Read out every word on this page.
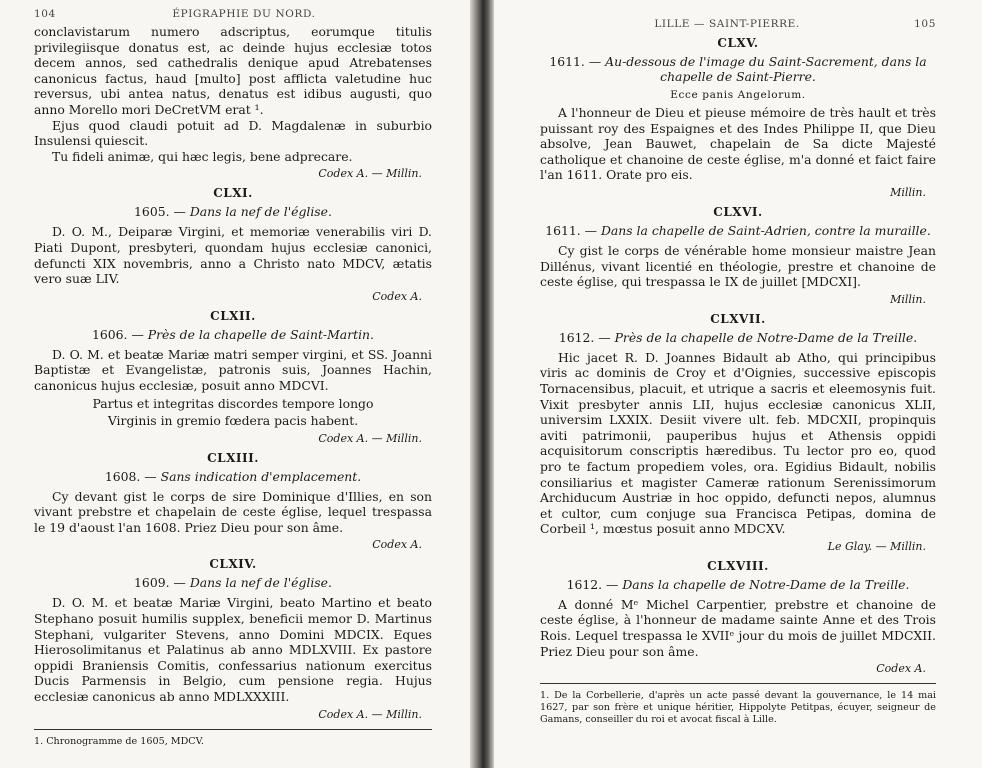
104	ÉPIGRAPHIE DU NORD.

conclavistarum numero adscriptus, eorumque titulis privilegiisque donatus est, ac deinde hujus ecclesiæ totos decem annos, sed cathedralis denique apud Atrebatenses canonicus factus, haud [multo] post afflicta valetudine huc reversus, ubi antea natus, denatus est idibus augusti, quo anno Morello mori DeCretVM erat ¹.

Ejus quod claudi potuit ad D. Magdalenæ in suburbio Insulensi quiescit.

Tu fideli animæ, qui hæc legis, bene adprecare.

Codex A. — Millin.
CLXI.
1605. — Dans la nef de l'église.

D. O. M., Deiparæ Virgini, et memoriæ venerabilis viri D. Piati Dupont, presbyteri, quondam hujus ecclesiæ canonici, defuncti XIX novembris, anno a Christo nato MDCV, ætatis vero suæ LIV.

Codex A.
CLXII.
1606. — Près de la chapelle de Saint-Martin.

D. O. M. et beatæ Mariæ matri semper virgini, et SS. Joanni Baptistæ et Evangelistæ, patronis suis, Joannes Hachin, canonicus hujus ecclesiæ, posuit anno MDCVI.

Partus et integritas discordes tempore longo
Virginis in gremio fœdera pacis habent.
Codex A. — Millin.
CLXIII.
1608. — Sans indication d'emplacement.

Cy devant gist le corps de sire Dominique d'Illies, en son vivant prebstre et chapelain de ceste église, lequel trespassa le 19 d'aoust l'an 1608. Priez Dieu pour son âme.

Codex A.
CLXIV.
1609. — Dans la nef de l'église.

D. O. M. et beatæ Mariæ Virgini, beato Martino et beato Stephano posuit humilis supplex, beneficii memor D. Martinus Stephani, vulgariter Stevens, anno Domini MDCIX. Eques Hierosolimitanus et Palatinus ab anno MDLXVIII. Ex pastore oppidi Braniensis Comitis, confessarius nationum exercitus Ducis Parmensis in Belgio, cum pensione regia. Hujus ecclesiæ canonicus ab anno MDLXXXIII.

Codex A. — Millin.
1. Chronogramme de 1605, MDCV.
LILLE — SAINT-PIERRE.	105
CLXV.
1611. — Au-dessous de l'image du Saint-Sacrement, dans la chapelle de Saint-Pierre.
Ecce panis Angelorum.

A l'honneur de Dieu et pieuse mémoire de très hault et très puissant roy des Espaignes et des Indes Philippe II, que Dieu absolve, Jean Bauwet, chapelain de Sa dicte Majesté catholique et chanoine de ceste église, m'a donné et faict faire l'an 1611. Orate pro eis.

Millin.
CLXVI.
1611. — Dans la chapelle de Saint-Adrien, contre la muraille.

Cy gist le corps de vénérable home monsieur maistre Jean Dillénus, vivant licentié en théologie, prestre et chanoine de ceste église, qui trespassa le IX de juillet [MDCXI].

Millin.
CLXVII.
1612. — Près de la chapelle de Notre-Dame de la Treille.

Hic jacet R. D. Joannes Bidault ab Atho, qui principibus viris ac dominis de Croy et d'Oignies, successive episcopis Tornacensibus, placuit, et utrique a sacris et eleemosynis fuit. Vixit presbyter annis LII, hujus ecclesiæ canonicus XLII, universim LXXIX. Desiit vivere ult. feb. MDCXII, propinquis aviti patrimonii, pauperibus hujus et Athensis oppidi acquisitorum conscriptis hæredibus. Tu lector pro eo, quod pro te factum propediem voles, ora. Egidius Bidault, nobilis consiliarius et magister Cameræ rationum Serenissimorum Archiducum Austriæ in hoc oppido, defuncti nepos, alumnus et cultor, cum conjuge sua Francisca Petipas, domina de Corbeil ¹, mœstus posuit anno MDCXV.

Le Glay. — Millin.
CLXVIII.
1612. — Dans la chapelle de Notre-Dame de la Treille.

A donné Mᵉ Michel Carpentier, prebstre et chanoine de ceste église, à l'honneur de madame sainte Anne et des Trois Rois. Lequel trespassa le XVIIᵉ jour du mois de juillet MDCXII. Priez Dieu pour son âme.

Codex A.
1. De la Corbellerie, d'après un acte passé devant la gouvernance, le 14 mai 1627, par son frère et unique héritier, Hippolyte Petitpas, écuyer, seigneur de Gamans, conseiller du roi et avocat fiscal à Lille.
